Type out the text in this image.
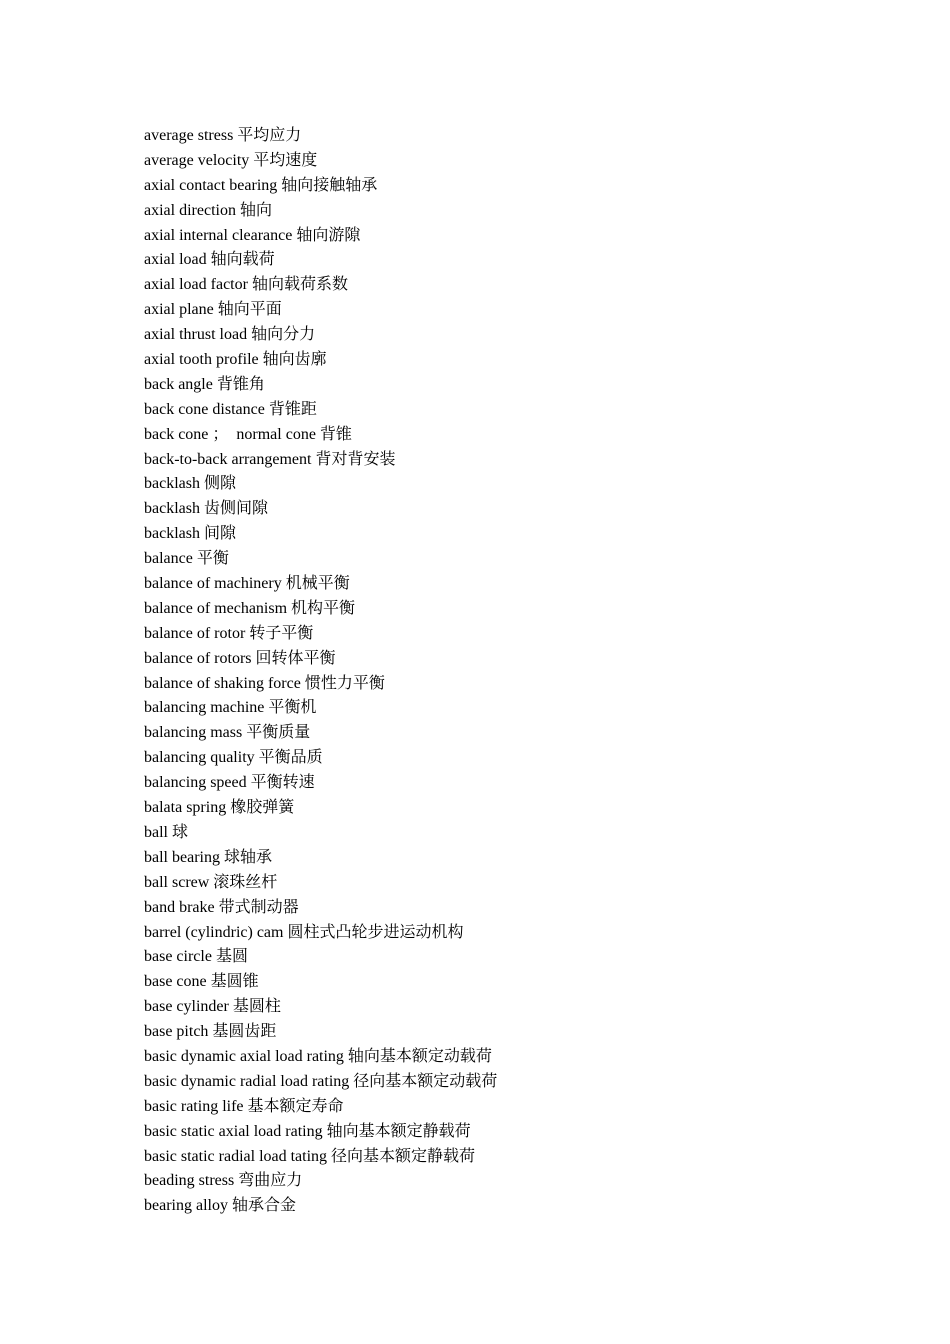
average stress 平均应力
average velocity 平均速度
axial contact bearing 轴向接触轴承
axial direction 轴向
axial internal clearance 轴向游隙
axial load 轴向载荷
axial load factor 轴向载荷系数
axial plane 轴向平面
axial thrust load 轴向分力
axial tooth profile 轴向齿廓
back angle 背锥角
back cone distance 背锥距
back cone ；  normal cone 背锥
back-to-back arrangement 背对背安装
backlash 侧隙
backlash 齿侧间隙
backlash 间隙
balance 平衡
balance of machinery 机械平衡
balance of mechanism 机构平衡
balance of rotor 转子平衡
balance of rotors 回转体平衡
balance of shaking force 惯性力平衡
balancing machine 平衡机
balancing mass 平衡质量
balancing quality 平衡品质
balancing speed 平衡转速
balata spring 橡胶弹簧
ball 球
ball bearing 球轴承
ball screw 滚珠丝杆
band brake 带式制动器
barrel (cylindric) cam 圆柱式凸轮步进运动机构
base circle 基圆
base cone 基圆锥
base cylinder 基圆柱
base pitch 基圆齿距
basic dynamic axial load rating 轴向基本额定动载荷
basic dynamic radial load rating 径向基本额定动载荷
basic rating life 基本额定寿命
basic static axial load rating 轴向基本额定静载荷
basic static radial load tating 径向基本额定静载荷
beading stress 弯曲应力
bearing alloy 轴承合金
